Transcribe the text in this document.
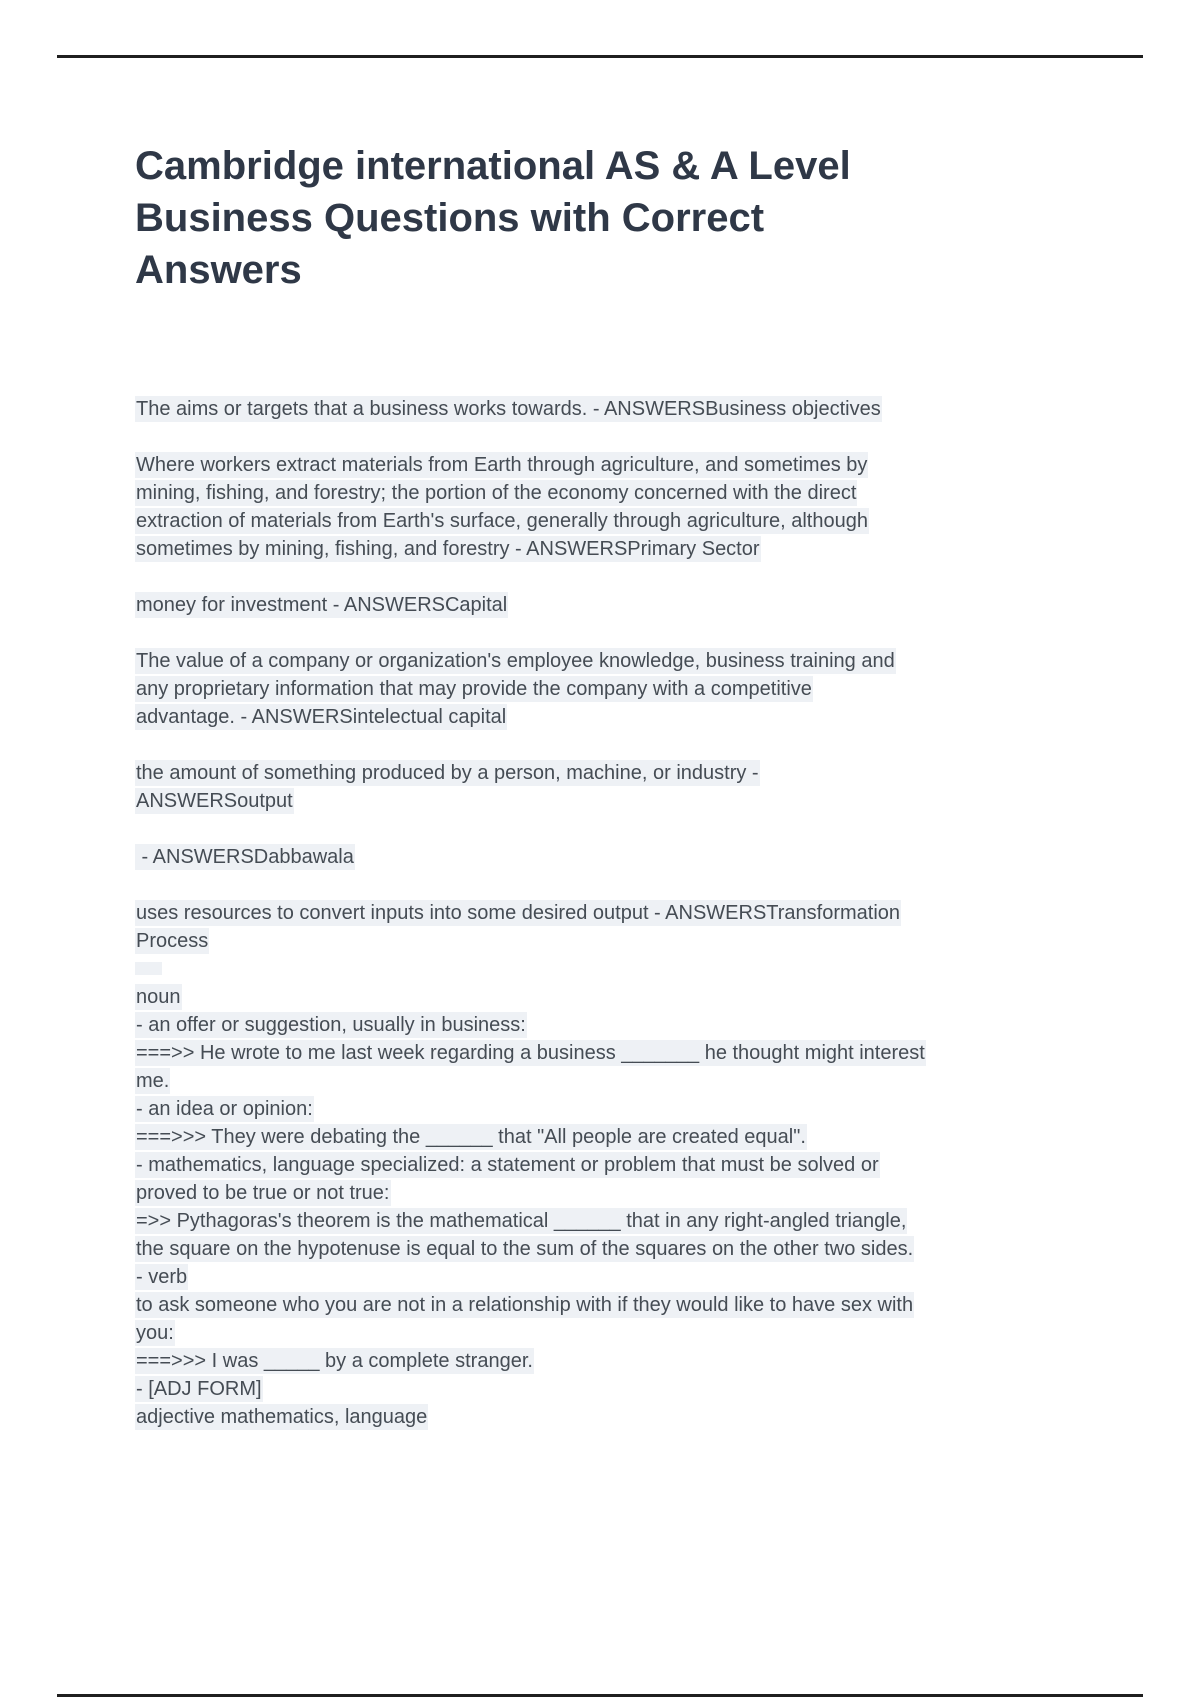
Cambridge international AS & A Level
Business Questions with Correct
Answers
The aims or targets that a business works towards. - ANSWERSBusiness objectives
Where workers extract materials from Earth through agriculture, and sometimes by
mining, fishing, and forestry; the portion of the economy concerned with the direct
extraction of materials from Earth's surface, generally through agriculture, although
sometimes by mining, fishing, and forestry - ANSWERSPrimary Sector
money for investment - ANSWERSCapital
The value of a company or organization's employee knowledge, business training and
any proprietary information that may provide the company with a competitive
advantage. - ANSWERSintelectual capital
the amount of something produced by a person, machine, or industry -
ANSWERSoutput
- ANSWERSDabbawala
uses resources to convert inputs into some desired output - ANSWERSTransformation
Process
noun
- an offer or suggestion, usually in business:
===>> He wrote to me last week regarding a business _______ he thought might interest
me.
- an idea or opinion:
===>>> They were debating the ______ that "All people are created equal".
- mathematics, language specialized: a statement or problem that must be solved or
proved to be true or not true:
=>> Pythagoras's theorem is the mathematical ______ that in any right-angled triangle,
the square on the hypotenuse is equal to the sum of the squares on the other two sides.
- verb
to ask someone who you are not in a relationship with if they would like to have sex with
you:
===>>> I was _____ by a complete stranger.
- [ADJ FORM]
adjective mathematics, language
